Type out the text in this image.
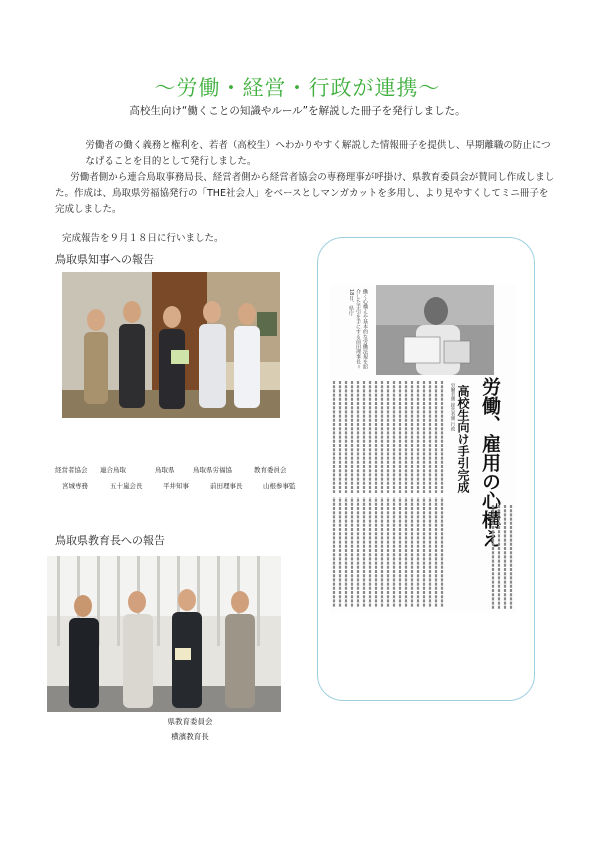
～労働・経営・行政が連携～
高校生向け“働くことの知識やルール”を解説した冊子を発行しました。

労働者の働く義務と権利を、若者（高校生）へわかりやすく解説した情報冊子を提供し、早期離職の防止につなげることを目的として発行しました。

労働者側から連合鳥取事務局長、経営者側から経営者協会の専務理事が呼掛け、県教育委員会が賛同し作成しました。作成は、鳥取県労福協発行の「THE社会人」をベースとしマンガカットを多用し、より見やすくしてミニ冊子を完成しました。

完成報告を９月１８日に行いました。
鳥取県知事への報告
経営者協会 連合鳥取	鳥取県	鳥取県労福協	教育委員会
宮城専務	五十嵐会長	平井知事	前田理事長	山根参事監
鳥取県教育長への報告
県教育委員会
横濱教育長
働く心構えや基本的な労働法規を紹介した手引を手にする前田理事長＝18日、県庁
労働、雇用の心構え
高校生向け手引完成
労働者側 経営者側 行政
